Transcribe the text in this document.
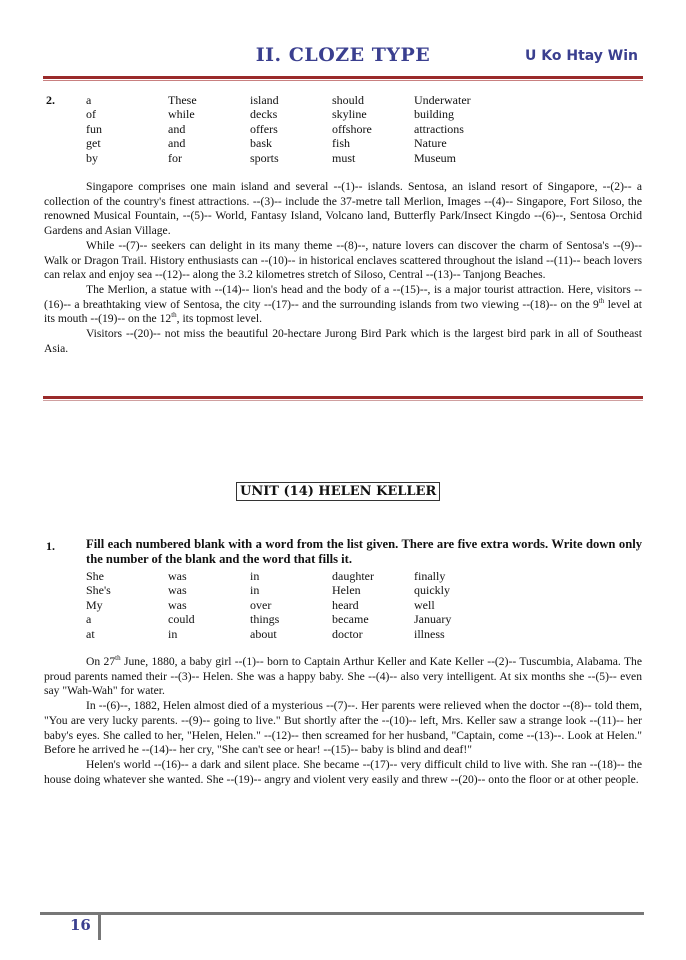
II. CLOZE TYPE	U Ko Htay Win
2.	a	These	island	should	Underwater
of	while	decks	skyline	building
fun	and	offers	offshore	attractions
get	and	bask	fish	Nature
by	for	sports	must	Museum

Singapore comprises one main island and several --(1)-- islands. Sentosa, an island resort of Singapore, --(2)-- a collection of the country's finest attractions. --(3)-- include the 37-metre tall Merlion, Images --(4)-- Singapore, Fort Siloso, the renowned Musical Fountain, --(5)-- World, Fantasy Island, Volcano land, Butterfly Park/Insect Kingdo --(6)--, Sentosa Orchid Gardens and Asian Village.

While --(7)-- seekers can delight in its many theme --(8)--, nature lovers can discover the charm of Sentosa's --(9)-- Walk or Dragon Trail. History enthusiasts can --(10)-- in historical enclaves scattered throughout the island --(11)-- beach lovers can relax and enjoy sea --(12)-- along the 3.2 kilometres stretch of Siloso, Central --(13)-- Tanjong Beaches.

The Merlion, a statue with --(14)-- lion's head and the body of a --(15)--, is a major tourist attraction. Here, visitors --(16)-- a breathtaking view of Sentosa, the city --(17)-- and the surrounding islands from two viewing --(18)-- on the 9th level at its mouth --(19)-- on the 12th, its topmost level.

Visitors --(20)-- not miss the beautiful 20-hectare Jurong Bird Park which is the largest bird park in all of Southeast Asia.

UNIT (14) HELEN KELLER
1. Fill each numbered blank with a word from the list given. There are five extra words. Write down only the number of the blank and the word that fills it.
She	was	in	daughter	finally
She's	was	in	Helen	quickly
My	was	over	heard	well
a	could	things	became	January
at	in	about	doctor	illness

On 27th June, 1880, a baby girl --(1)-- born to Captain Arthur Keller and Kate Keller --(2)-- Tuscumbia, Alabama. The proud parents named their --(3)-- Helen. She was a happy baby. She --(4)-- also very intelligent. At six months she --(5)-- even say "Wah-Wah" for water.

In --(6)--, 1882, Helen almost died of a mysterious --(7)--. Her parents were relieved when the doctor --(8)-- told them, "You are very lucky parents. --(9)-- going to live." But shortly after the --(10)-- left, Mrs. Keller saw a strange look --(11)-- her baby's eyes. She called to her, "Helen, Helen." --(12)-- then screamed for her husband, "Captain, come --(13)--. Look at Helen." Before he arrived he --(14)-- her cry, "She can't see or hear! --(15)-- baby is blind and deaf!"

Helen's world --(16)-- a dark and silent place. She became --(17)-- very difficult child to live with. She ran --(18)-- the house doing whatever she wanted. She --(19)-- angry and violent very easily and threw --(20)-- onto the floor or at other people.

16
